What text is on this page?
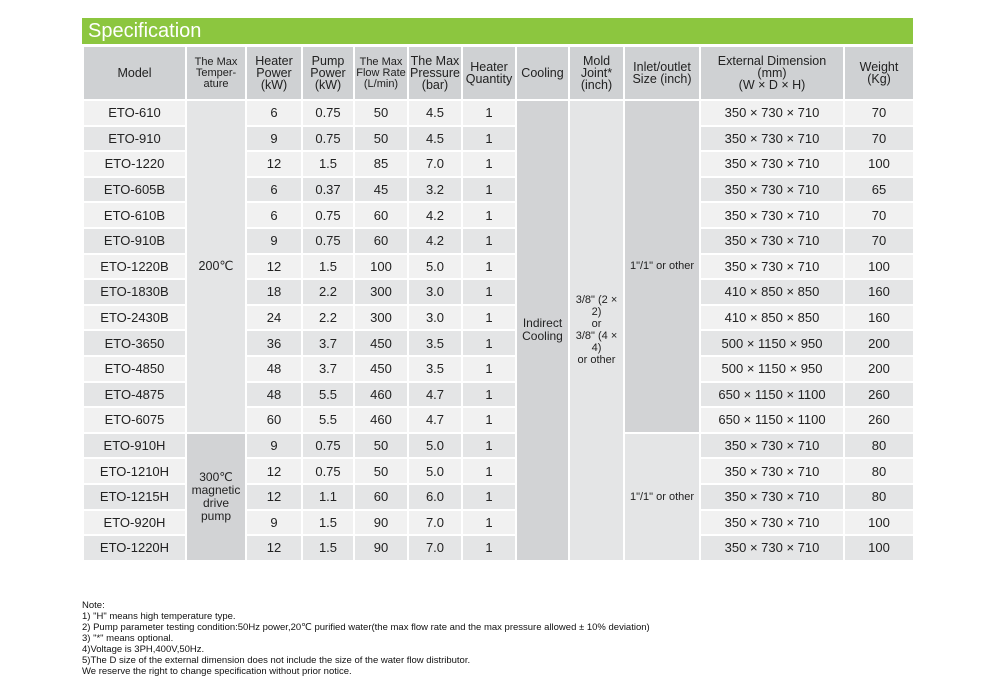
Specification
Model	The Max
Temper-
ature	Heater
Power
(kW)	Pump
Power
(kW)	The Max
Flow Rate
(L/min)	The Max
Pressure
(bar)	Heater
Quantity	Cooling	Mold
Joint*
(inch)	Inlet/outlet
Size (inch)	External Dimension
(mm)
(W × D × H)	Weight
(Kg)
ETO-610	200℃	6	0.75	50	4.5	1	Indirect
Cooling	3/8" (2 × 2)
or
3/8" (4 × 4)
or other	1"/1" or other	350 × 730 × 710	70
ETO-910		9	0.75	50	4.5	1				350 × 730 × 710	70
ETO-1220		12	1.5	85	7.0	1				350 × 730 × 710	100
ETO-605B		6	0.37	45	3.2	1				350 × 730 × 710	65
ETO-610B		6	0.75	60	4.2	1				350 × 730 × 710	70
ETO-910B		9	0.75	60	4.2	1				350 × 730 × 710	70
ETO-1220B		12	1.5	100	5.0	1				350 × 730 × 710	100
ETO-1830B		18	2.2	300	3.0	1				410 × 850 × 850	160
ETO-2430B		24	2.2	300	3.0	1				410 × 850 × 850	160
ETO-3650		36	3.7	450	3.5	1				500 × 1150 × 950	200
ETO-4850		48	3.7	450	3.5	1				500 × 1150 × 950	200
ETO-4875		48	5.5	460	4.7	1				650 × 1150 × 1100	260
ETO-6075		60	5.5	460	4.7	1				650 × 1150 × 1100	260
ETO-910H	300℃
magnetic
drive
pump	9	0.75	50	5.0	1			1"/1" or other	350 × 730 × 710	80
ETO-1210H		12	0.75	50	5.0	1				350 × 730 × 710	80
ETO-1215H		12	1.1	60	6.0	1				350 × 730 × 710	80
ETO-920H		9	1.5	90	7.0	1				350 × 730 × 710	100
ETO-1220H		12	1.5	90	7.0	1				350 × 730 × 710	100
Note:
1) "H" means high temperature type.
2) Pump parameter testing condition:50Hz power,20℃ purified water(the max flow rate and the max pressure allowed ± 10% deviation)
3) "*" means optional.
4)Voltage is 3PH,400V,50Hz.
5)The D size of the external dimension does not include the size of the water flow distributor.
We reserve the right to change specification without prior notice.
